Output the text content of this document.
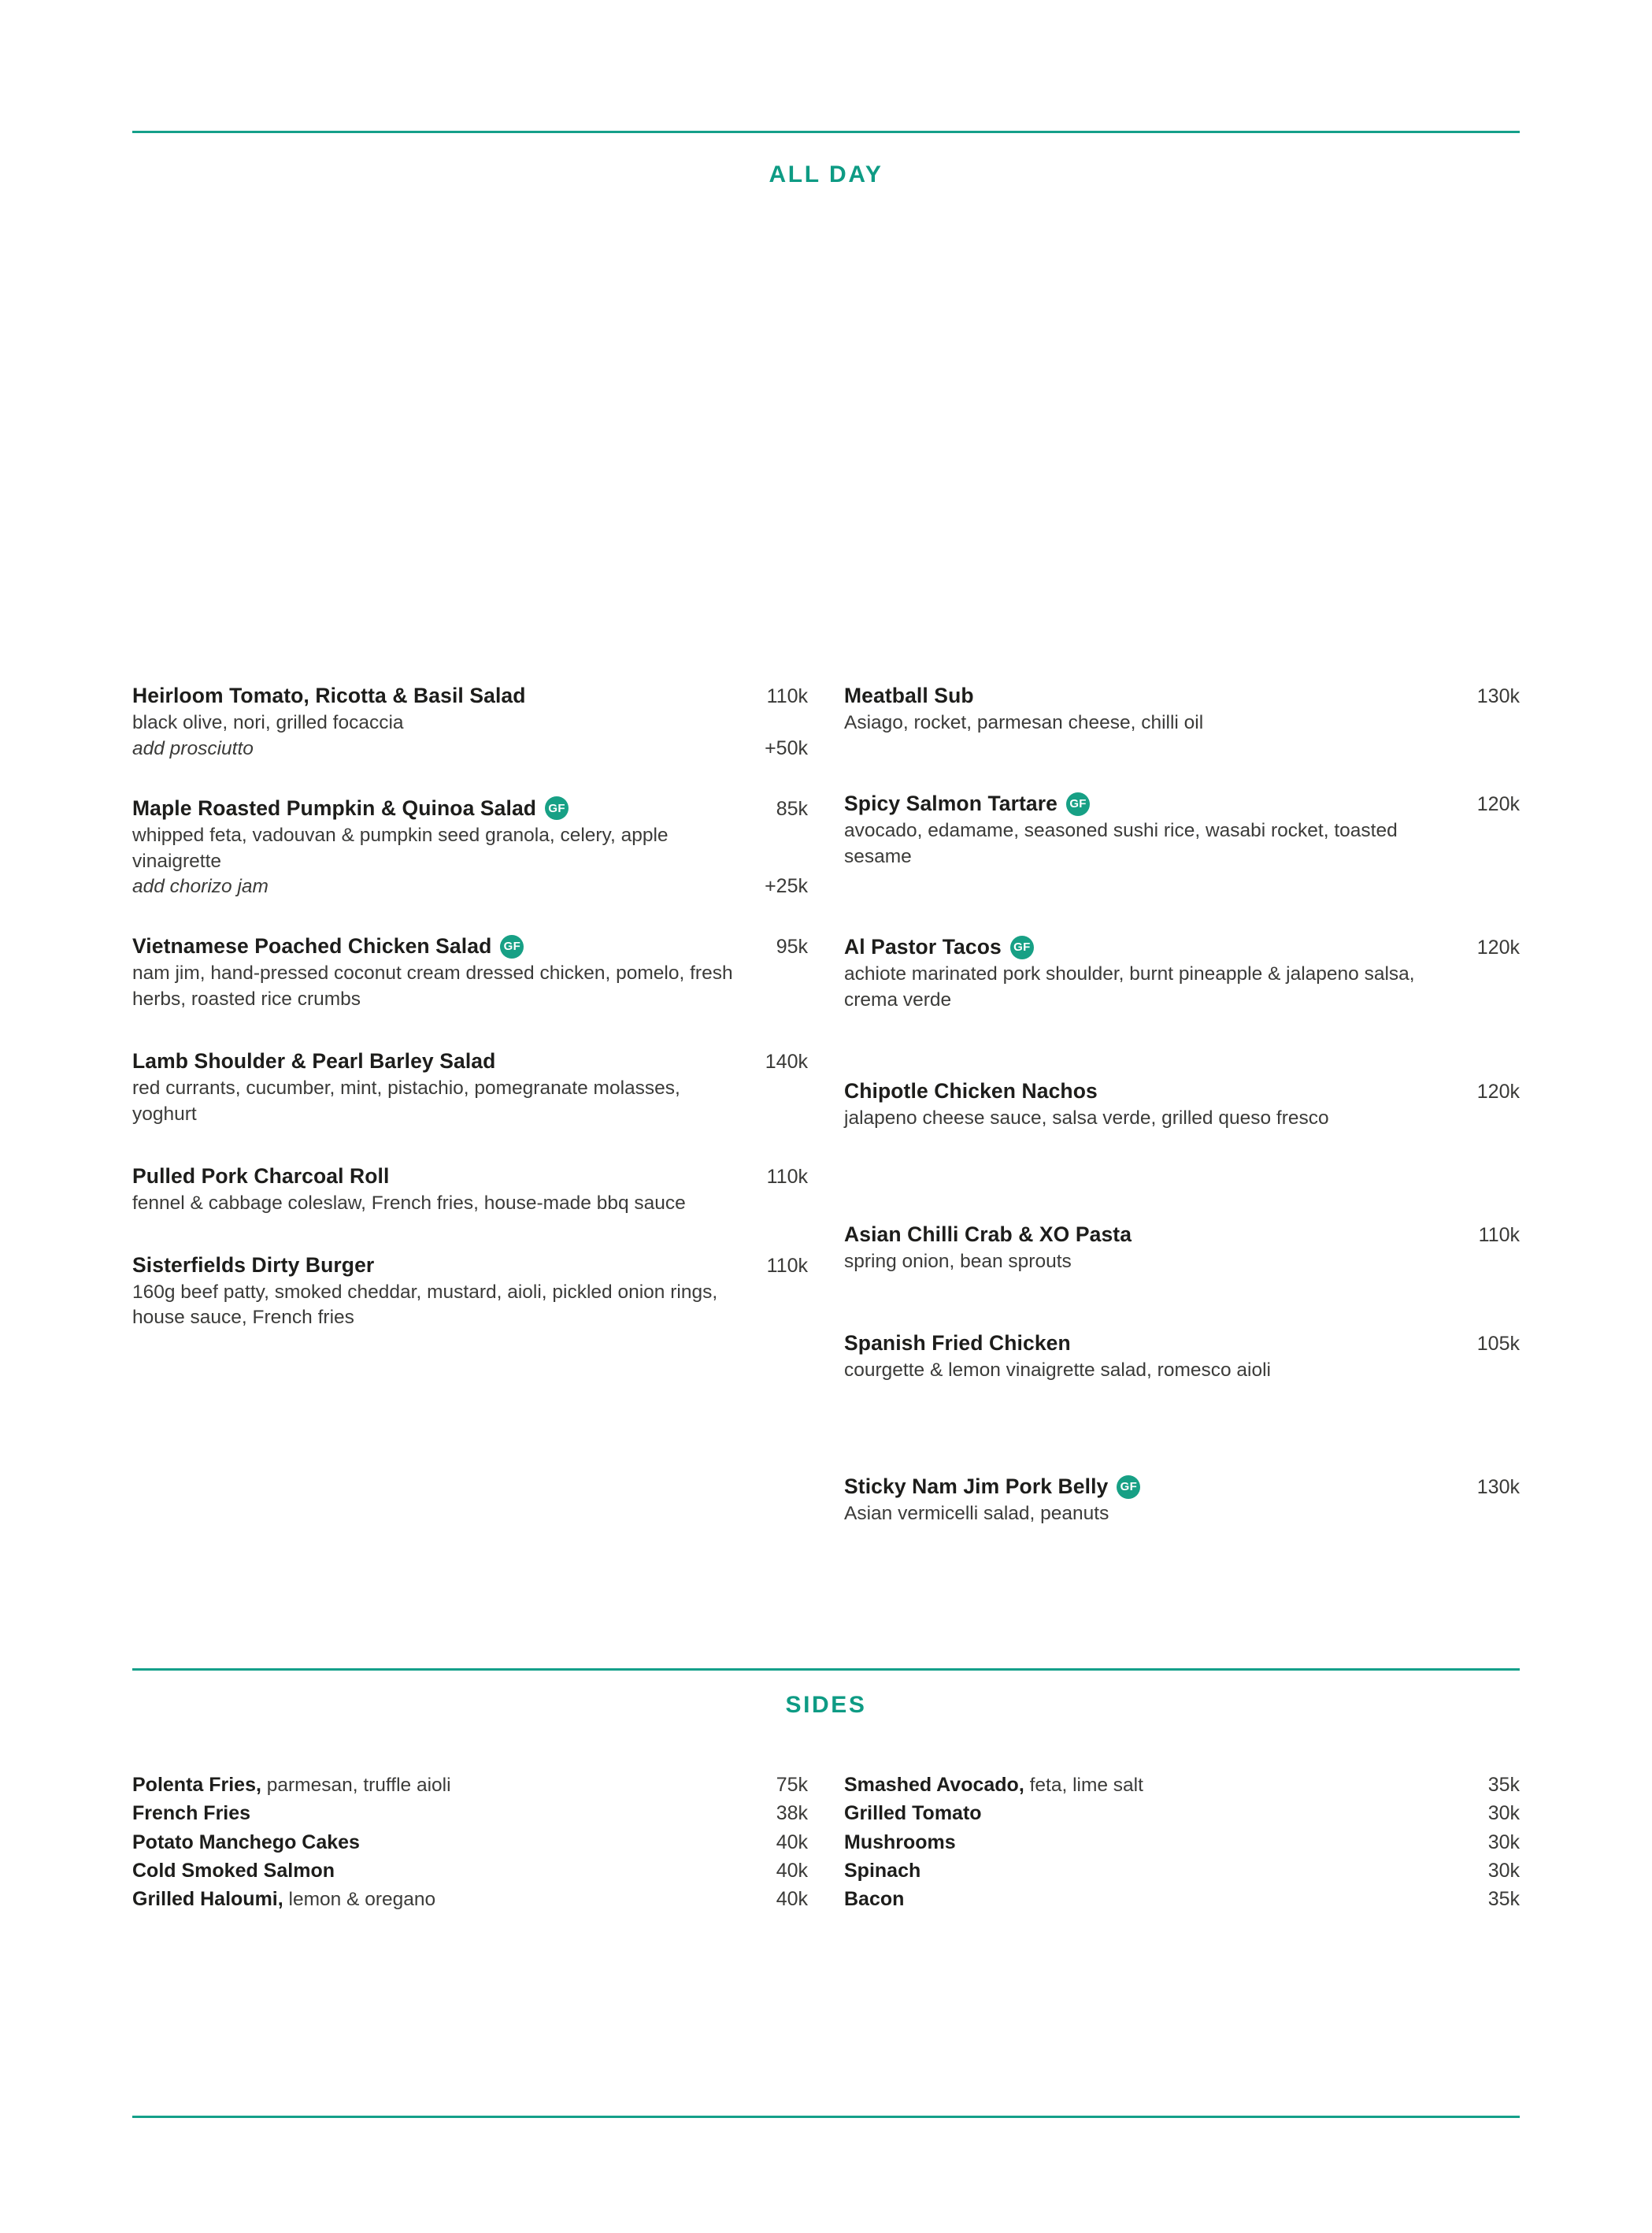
ALL DAY
Heirloom Tomato, Ricotta & Basil Salad	110k
black olive, nori, grilled focaccia
add prosciutto	+50k
Maple Roasted Pumpkin & Quinoa Salad GF	85k
whipped feta, vadouvan & pumpkin seed granola, celery, apple vinaigrette
add chorizo jam	+25k
Vietnamese Poached Chicken Salad GF	95k
nam jim, hand-pressed coconut cream dressed chicken, pomelo, fresh herbs, roasted rice crumbs
Lamb Shoulder & Pearl Barley Salad	140k
red currants, cucumber, mint, pistachio, pomegranate molasses, yoghurt
Pulled Pork Charcoal Roll	110k
fennel & cabbage coleslaw, French fries, house-made bbq sauce
Sisterfields Dirty Burger	110k
160g beef patty, smoked cheddar, mustard, aioli, pickled onion rings, house sauce, French fries
Meatball Sub	130k
Asiago, rocket, parmesan cheese, chilli oil
Spicy Salmon Tartare GF	120k
avocado, edamame, seasoned sushi rice, wasabi rocket, toasted sesame
Al Pastor Tacos GF	120k
achiote marinated pork shoulder, burnt pineapple & jalapeno salsa, crema verde
Chipotle Chicken Nachos	120k
jalapeno cheese sauce, salsa verde, grilled queso fresco
Asian Chilli Crab & XO Pasta	110k
spring onion, bean sprouts
Spanish Fried Chicken	105k
courgette & lemon vinaigrette salad, romesco aioli
Sticky Nam Jim Pork Belly GF	130k
Asian vermicelli salad, peanuts
SIDES
Polenta Fries, parmesan, truffle aioli	75k
French Fries	38k
Potato Manchego Cakes	40k
Cold Smoked Salmon	40k
Grilled Haloumi, lemon & oregano	40k
Smashed Avocado, feta, lime salt	35k
Grilled Tomato	30k
Mushrooms	30k
Spinach	30k
Bacon	35k
